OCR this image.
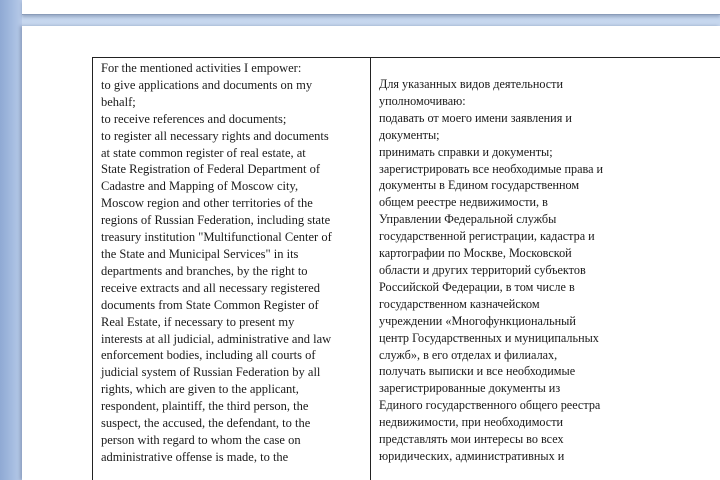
For the mentioned activities I empower:
to give applications and documents on my
behalf;
to receive references and documents;
to register all necessary rights and documents
at state common register of real estate, at
State Registration of Federal Department of
Cadastre and Mapping of Moscow city,
Moscow region and other territories of the
regions of Russian Federation, including state
treasury institution "Multifunctional Center of
the State and Municipal Services" in its
departments and branches, by the right to
receive extracts and all necessary registered
documents from State Common Register of
Real Estate, if necessary to present my
interests at all judicial, administrative and law
enforcement bodies, including all courts of
judicial system of Russian Federation by all
rights, which are given to the applicant,
respondent, plaintiff, the third person, the
suspect, the accused, the defendant, to the
person with regard to whom the case on
administrative offense is made, to the
Для указанных видов деятельности
уполномочиваю:
подавать от моего имени заявления и
документы;
принимать справки и документы;
зарегистрировать все необходимые права и
документы в Едином государственном
общем реестре недвижимости, в
Управлении Федеральной службы
государственной регистрации, кадастра и
картографии по Москве, Московской
области и других территорий субъектов
Российской Федерации, в том числе в
государственном казначейском
учреждении «Многофункциональный
центр Государственных и муниципальных
служб», в его отделах и филиалах,
получать выписки и все необходимые
зарегистрированные документы из
Единого государственного общего реестра
недвижимости, при необходимости
представлять мои интересы во всех
юридических, административных и
